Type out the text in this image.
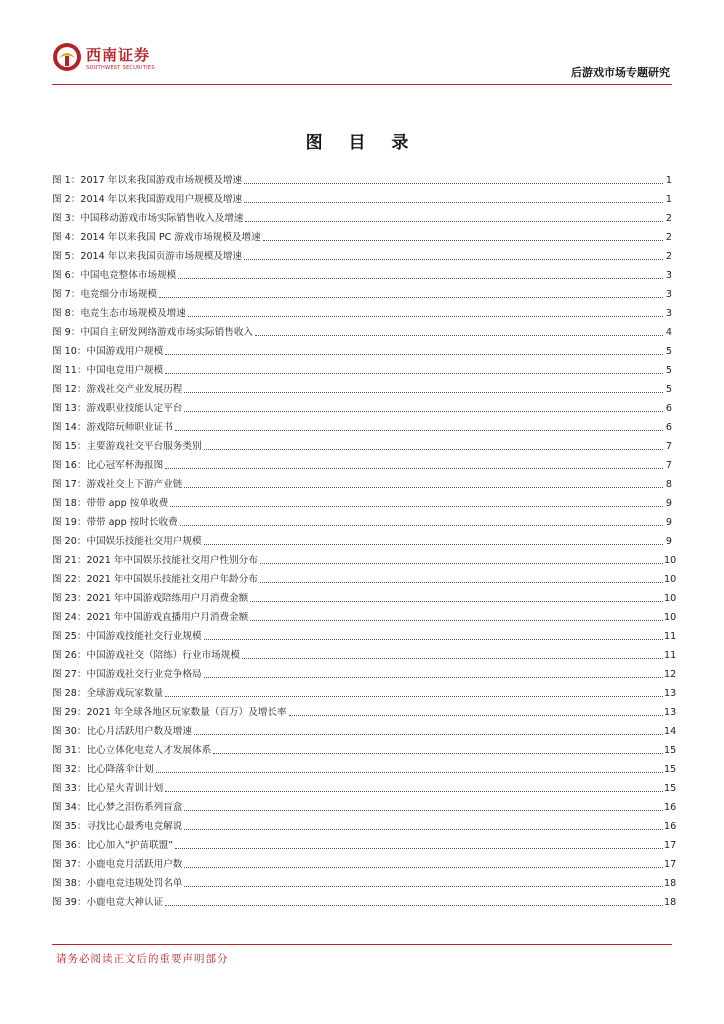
西南证券
SOUTHWEST SECURITIES	后游戏市场专题研究
图 目 录
图 1：2017 年以来我国游戏市场规模及增速	1
图 2：2014 年以来我国游戏用户规模及增速	1
图 3：中国移动游戏市场实际销售收入及增速	2
图 4：2014 年以来我国 PC 游戏市场规模及增速	2
图 5：2014 年以来我国页游市场规模及增速	2
图 6：中国电竞整体市场规模	3
图 7：电竞细分市场规模	3
图 8：电竞生态市场规模及增速	3
图 9：中国自主研发网络游戏市场实际销售收入	4
图 10：中国游戏用户规模	5
图 11：中国电竞用户规模	5
图 12：游戏社交产业发展历程	5
图 13：游戏职业技能认定平台	6
图 14：游戏陪玩师职业证书	6
图 15：主要游戏社交平台服务类别	7
图 16：比心冠军杯海报图	7
图 17：游戏社交上下游产业链	8
图 18：带带 app 按单收费	9
图 19：带带 app 按时长收费	9
图 20：中国娱乐技能社交用户规模	9
图 21：2021 年中国娱乐技能社交用户性别分布	10
图 22：2021 年中国娱乐技能社交用户年龄分布	10
图 23：2021 年中国游戏陪练用户月消费金额	10
图 24：2021 年中国游戏直播用户月消费金额	10
图 25：中国游戏技能社交行业规模	11
图 26：中国游戏社交（陪练）行业市场规模	11
图 27：中国游戏社交行业竞争格局	12
图 28：全球游戏玩家数量	13
图 29：2021 年全球各地区玩家数量（百万）及增长率	13
图 30：比心月活跃用户数及增速	14
图 31：比心立体化电竞人才发展体系	15
图 32：比心降落伞计划	15
图 33：比心星火青训计划	15
图 34：比心梦之泪伤系列盲盒	16
图 35：寻找比心最秀电竞解说	16
图 36：比心加入“护苗联盟”	17
图 37：小鹿电竞月活跃用户数	17
图 38：小鹿电竞违规处罚名单	18
图 39：小鹿电竞大神认证	18
请务必阅读正文后的重要声明部分
